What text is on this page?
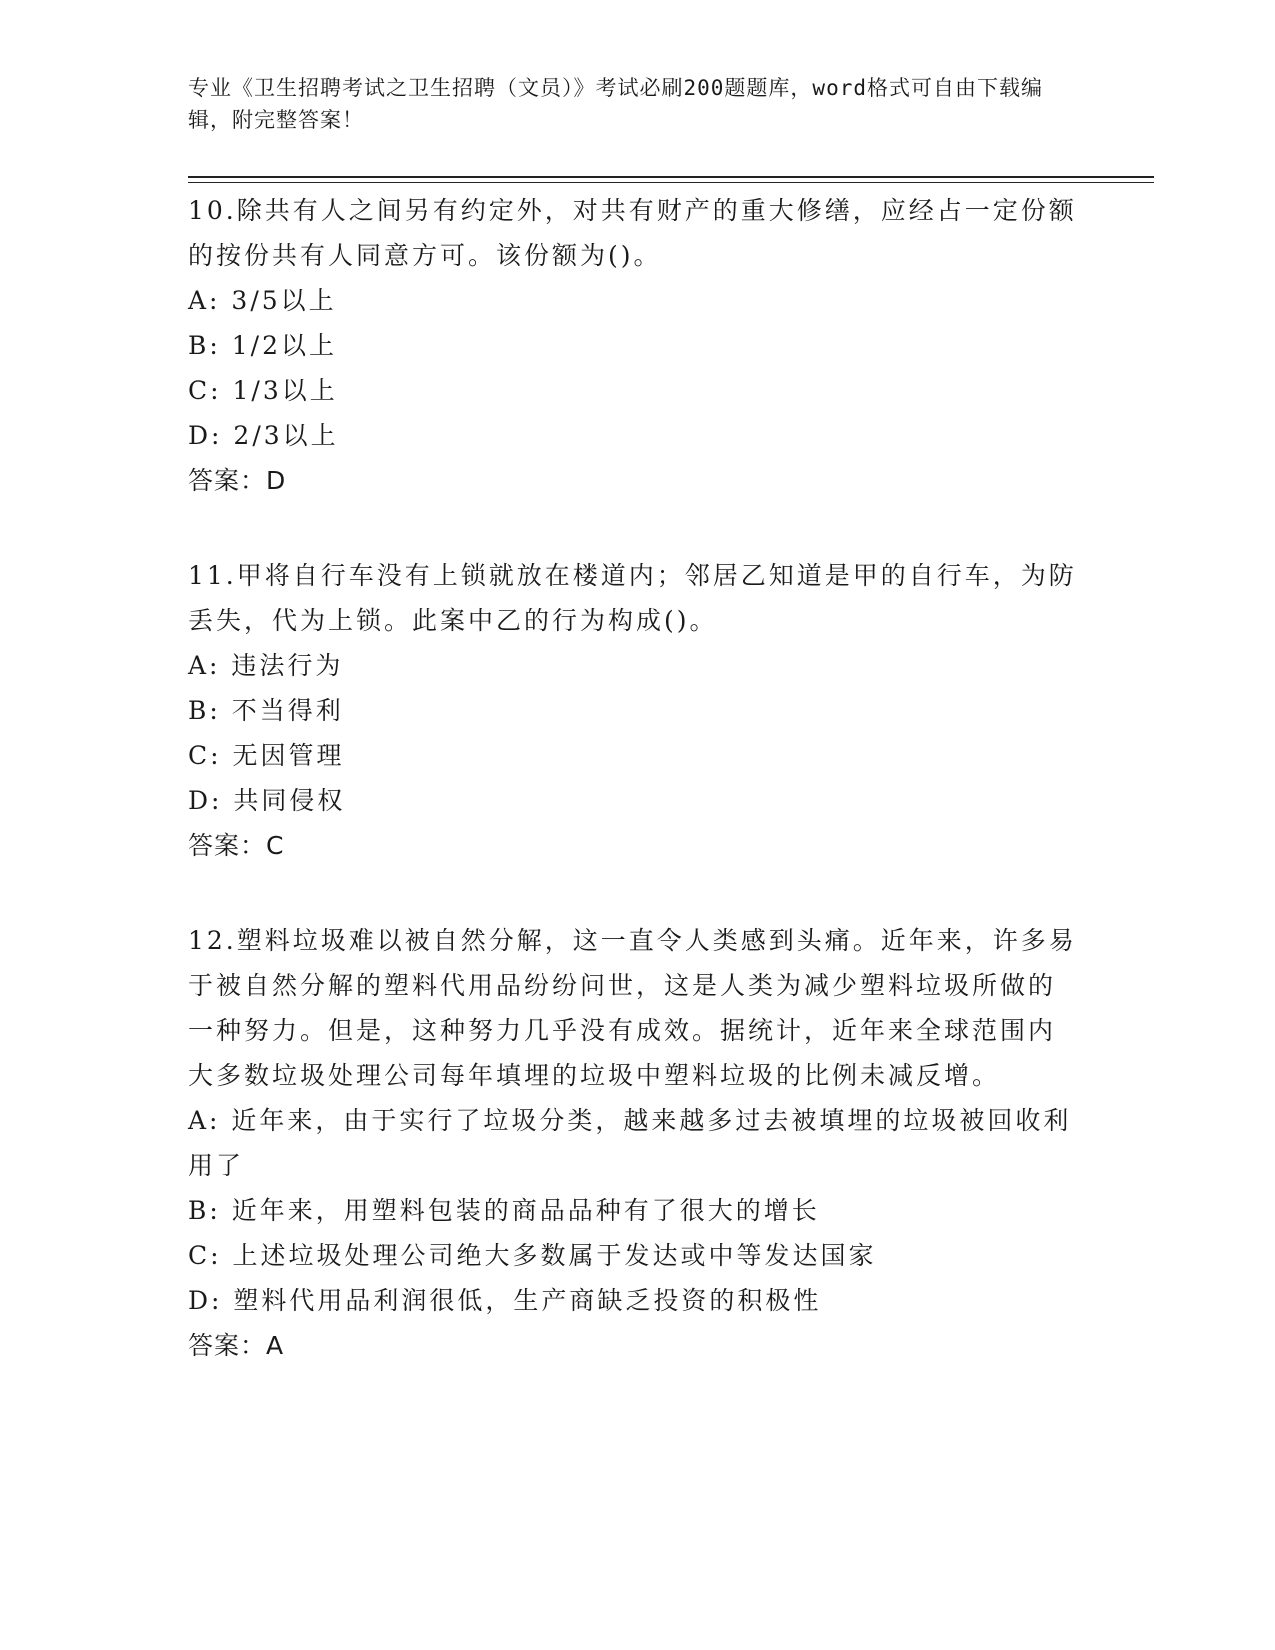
专业《卫生招聘考试之卫生招聘（文员）》考试必刷200题题库，word格式可自由下载编辑，附完整答案！
10.除共有人之间另有约定外，对共有财产的重大修缮，应经占一定份额的按份共有人同意方可。该份额为()。
A: 3/5以上
B: 1/2以上
C: 1/3以上
D: 2/3以上
答案：D
11.甲将自行车没有上锁就放在楼道内；邻居乙知道是甲的自行车，为防丢失，代为上锁。此案中乙的行为构成()。
A: 违法行为
B: 不当得利
C: 无因管理
D: 共同侵权
答案：C
12.塑料垃圾难以被自然分解，这一直令人类感到头痛。近年来，许多易于被自然分解的塑料代用品纷纷问世，这是人类为减少塑料垃圾所做的一种努力。但是，这种努力几乎没有成效。据统计，近年来全球范围内大多数垃圾处理公司每年填埋的垃圾中塑料垃圾的比例未减反增。
A: 近年来，由于实行了垃圾分类，越来越多过去被填埋的垃圾被回收利用了
B: 近年来，用塑料包装的商品品种有了很大的增长
C: 上述垃圾处理公司绝大多数属于发达或中等发达国家
D: 塑料代用品利润很低，生产商缺乏投资的积极性
答案：A
